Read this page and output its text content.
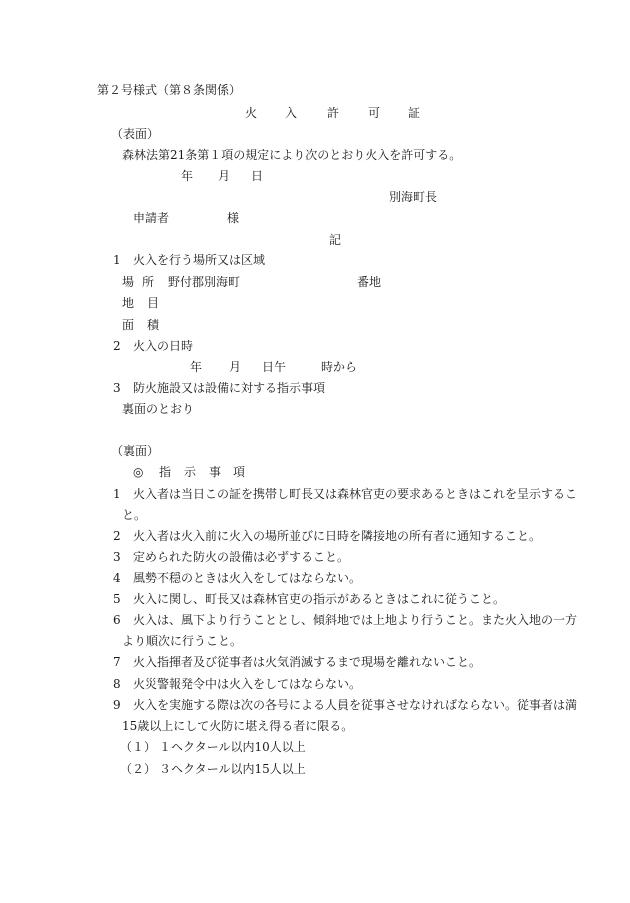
第２号様式（第８条関係）
火 入 許 可 証
（表面）
森林法第21条第１項の規定により次のとおり火入を許可する。
年 月 日
別海町長
申請者	様
記
1 火入を行う場所又は区域
場 所 野付郡別海町	番地
地 目
面 積
2 火入の日時
年 月 日午	時から
3 防火施設又は設備に対する指示事項
裏面のとおり
（裏面）
◎ 指 示 事 項
1 火入者は当日この証を携帯し町長又は森林官吏の要求あるときはこれを呈示するこ
と。
2 火入者は火入前に火入の場所並びに日時を隣接地の所有者に通知すること。
3 定められた防火の設備は必ずすること。
4 風勢不穏のときは火入をしてはならない。
5 火入に関し、町長又は森林官吏の指示があるときはこれに従うこと。
6 火入は、風下より行うこととし、傾斜地では上地より行うこと。また火入地の一方
より順次に行うこと。
7 火入指揮者及び従事者は火気消滅するまで現場を離れないこと。
8 火災警報発令中は火入をしてはならない。
9 火入を実施する際は次の各号による人員を従事させなければならない。従事者は満
15歳以上にして火防に堪え得る者に限る。
（１） １ヘクタール以内10人以上
（２） ３ヘクタール以内15人以上
